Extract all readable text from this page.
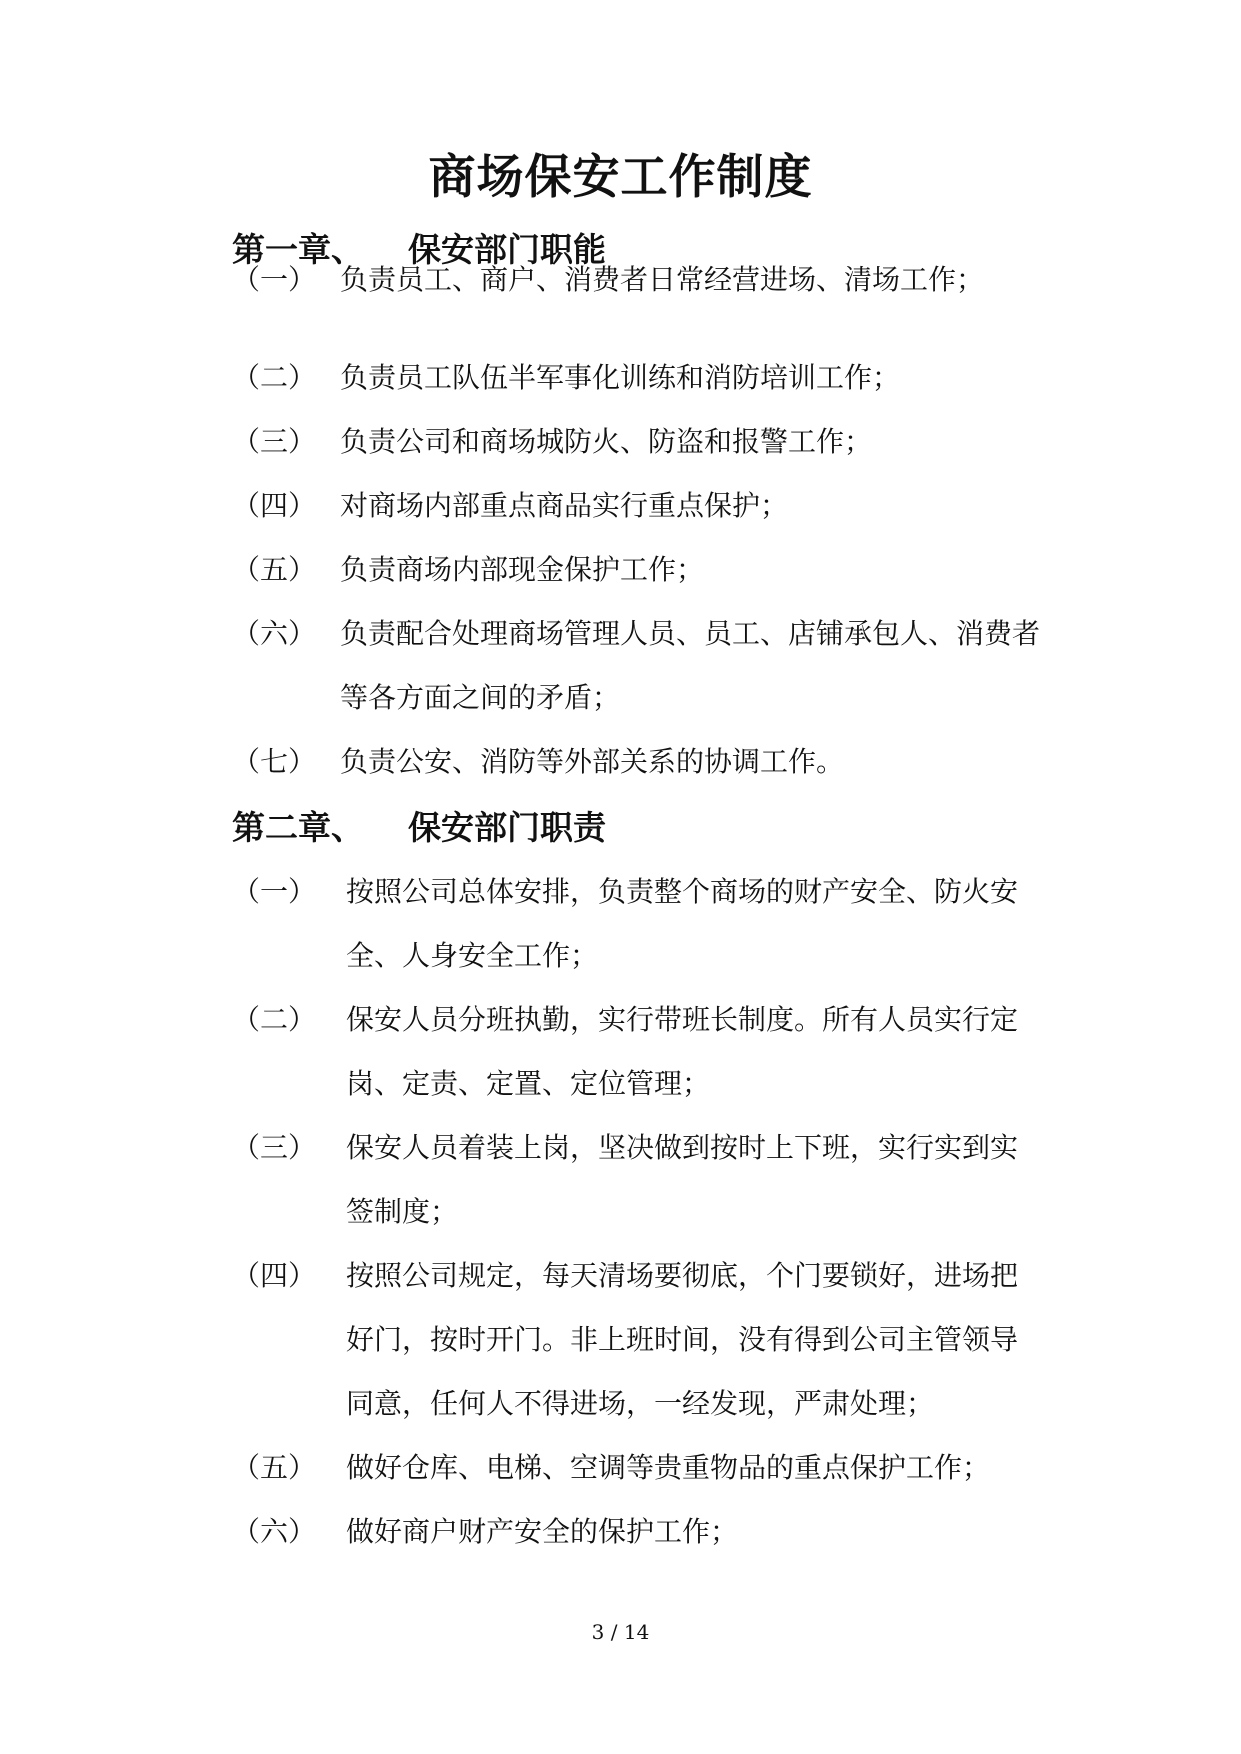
商场保安工作制度
第一章、 保安部门职能
（一） 负责员工、商户、消费者日常经营进场、清场工作；
（二） 负责员工队伍半军事化训练和消防培训工作；
（三） 负责公司和商场城防火、防盗和报警工作；
（四） 对商场内部重点商品实行重点保护；
（五） 负责商场内部现金保护工作；
（六） 负责配合处理商场管理人员、员工、店铺承包人、消费者
等各方面之间的矛盾；
（七） 负责公安、消防等外部关系的协调工作。
第二章、 保安部门职责
（一） 按照公司总体安排，负责整个商场的财产安全、防火安
全、人身安全工作；
（二） 保安人员分班执勤，实行带班长制度。所有人员实行定
岗、定责、定置、定位管理；
（三） 保安人员着装上岗，坚决做到按时上下班，实行实到实
签制度；
（四） 按照公司规定，每天清场要彻底，个门要锁好，进场把
好门，按时开门。非上班时间，没有得到公司主管领导
同意，任何人不得进场，一经发现，严肃处理；
（五） 做好仓库、电梯、空调等贵重物品的重点保护工作；
（六） 做好商户财产安全的保护工作；
3 / 14
